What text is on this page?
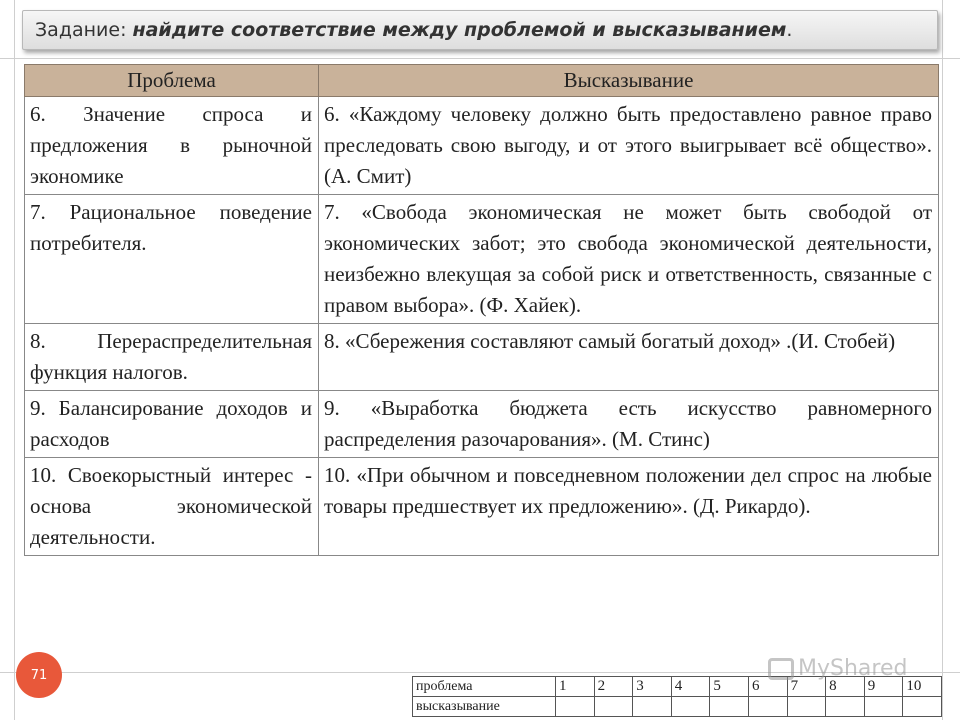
Задание: найдите соответствие между проблемой и высказыванием .
Проблема	Высказывание
6. Значение спроса и предложения в рыночной экономике	6. «Каждому человеку должно быть предоставлено равное право преследовать свою выгоду, и от этого выигрывает всё общество». (А. Смит)
7. Рациональное поведение потребителя.	7. «Свобода экономическая не может быть свободой от экономических забот; это свобода экономической деятельности, неизбежно влекущая за собой риск и ответственность, связанные с правом выбора». (Ф. Хайек).
8. Перераспределительная функция налогов.	8. «Сбережения составляют самый богатый доход» .(И. Стобей)
9. Балансирование доходов и расходов	9. «Выработка бюджета есть искусство равномерного распределения разочарования». (М. Стинс)
10. Своекорыстный интерес - основа экономической деятельности.	10. «При обычном и повседневном положении дел спрос на любые товары предшествует их предложению». (Д. Рикардо).
71
проблема	1	2	3	4	5	6	7	8	9	10
высказывание										
MyShared
